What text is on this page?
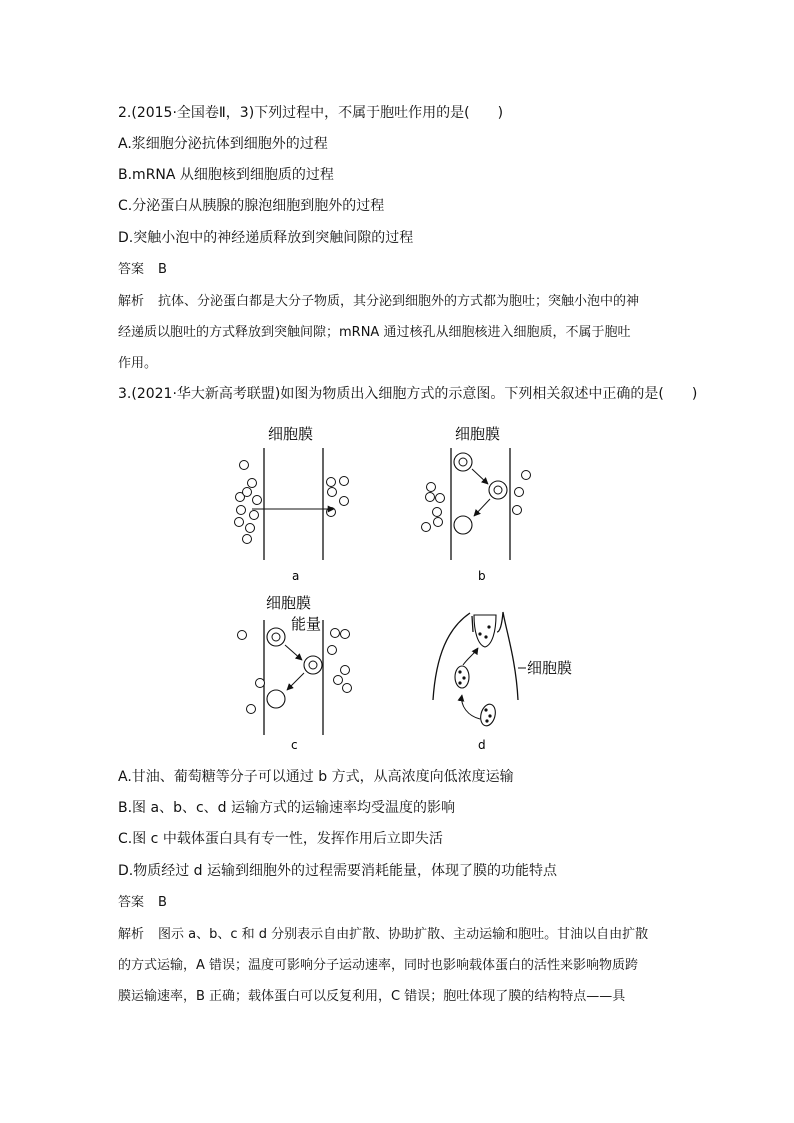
2.(2015·全国卷Ⅱ，3)下列过程中，不属于胞吐作用的是(　　)
A.浆细胞分泌抗体到细胞外的过程
B.mRNA 从细胞核到细胞质的过程
C.分泌蛋白从胰腺的腺泡细胞到胞外的过程
D.突触小泡中的神经递质释放到突触间隙的过程
答案 B
解析 抗体、分泌蛋白都是大分子物质，其分泌到细胞外的方式都为胞吐；突触小泡中的神
经递质以胞吐的方式释放到突触间隙；mRNA 通过核孔从细胞核进入细胞质，不属于胞吐
作用。
3.(2021·华大新高考联盟)如图为物质出入细胞方式的示意图。下列相关叙述中正确的是(　　)
细胞膜
a
细胞膜
b
细胞膜
能量
c
细胞膜
d
A.甘油、葡萄糖等分子可以通过 b 方式，从高浓度向低浓度运输
B.图 a、b、c、d 运输方式的运输速率均受温度的影响
C.图 c 中载体蛋白具有专一性，发挥作用后立即失活
D.物质经过 d 运输到细胞外的过程需要消耗能量，体现了膜的功能特点
答案 B
解析 图示 a、b、c 和 d 分别表示自由扩散、协助扩散、主动运输和胞吐。甘油以自由扩散
的方式运输，A 错误；温度可影响分子运动速率，同时也影响载体蛋白的活性来影响物质跨
膜运输速率，B 正确；载体蛋白可以反复利用，C 错误；胞吐体现了膜的结构特点——具
